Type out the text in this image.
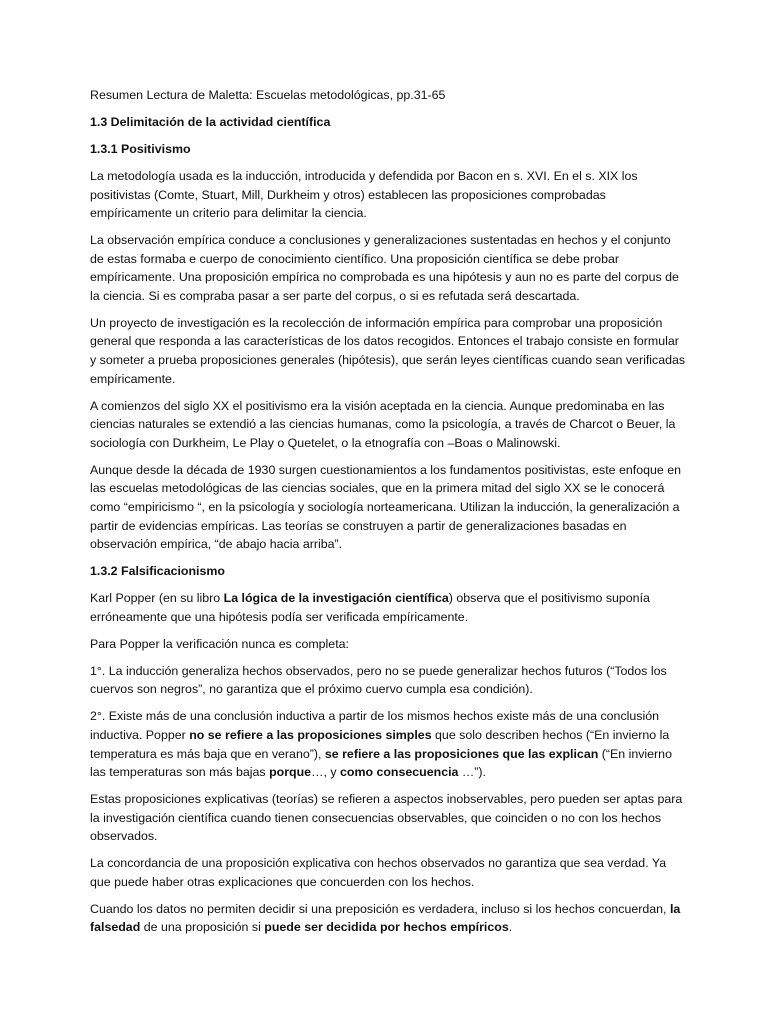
Resumen Lectura de Maletta: Escuelas metodológicas, pp.31-65

1.3 Delimitación de la actividad científica

1.3.1 Positivismo

La metodología usada es la inducción, introducida y defendida por Bacon en s. XVI. En el s. XIX los positivistas (Comte, Stuart, Mill, Durkheim y otros) establecen las proposiciones comprobadas empíricamente un criterio para delimitar la ciencia.

La observación empírica conduce a conclusiones y generalizaciones sustentadas en hechos y el conjunto de estas formaba e cuerpo de conocimiento científico. Una proposición científica se debe probar empíricamente. Una proposición empírica no comprobada es una hipótesis y aun no es parte del corpus de la ciencia. Si es compraba pasar a ser parte del corpus, o si es refutada será descartada.

Un proyecto de investigación es la recolección de información empírica para comprobar una proposición general que responda a las características de los datos recogidos. Entonces el trabajo consiste en formular y someter a prueba proposiciones generales (hipótesis), que serán leyes científicas cuando sean verificadas empíricamente.

A comienzos del siglo XX el positivismo era la visión aceptada en la ciencia. Aunque predominaba en las ciencias naturales se extendió a las ciencias humanas, como la psicología, a través de Charcot o Beuer, la sociología con Durkheim, Le Play o Quetelet, o la etnografía con –Boas o Malinowski.

Aunque desde la década de 1930 surgen cuestionamientos a los fundamentos positivistas, este enfoque en las escuelas metodológicas de las ciencias sociales, que en la primera mitad del siglo XX se le conocerá como “empiricismo “, en la psicología y sociología norteamericana. Utilizan la inducción, la generalización a partir de evidencias empíricas. Las teorías se construyen a partir de generalizaciones basadas en observación empírica, “de abajo hacia arriba”.

1.3.2 Falsificacionismo

Karl Popper (en su libro La lógica de la investigación científica) observa que el positivismo suponía erróneamente que una hipótesis podía ser verificada empíricamente.

Para Popper la verificación nunca es completa:

1°. La inducción generaliza hechos observados, pero no se puede generalizar hechos futuros (“Todos los cuervos son negros”, no garantiza que el próximo cuervo cumpla esa condición).

2°. Existe más de una conclusión inductiva a partir de los mismos hechos existe más de una conclusión inductiva. Popper no se refiere a las proposiciones simples que solo describen hechos (“En invierno la temperatura es más baja que en verano”), se refiere a las proposiciones que las explican (“En invierno las temperaturas son más bajas porque…, y como consecuencia …”).

Estas proposiciones explicativas (teorías) se refieren a aspectos inobservables, pero pueden ser aptas para la investigación científica cuando tienen consecuencias observables, que coinciden o no con los hechos observados.

La concordancia de una proposición explicativa con hechos observados no garantiza que sea verdad. Ya que puede haber otras explicaciones que concuerden con los hechos.

Cuando los datos no permiten decidir si una preposición es verdadera, incluso si los hechos concuerdan, la falsedad de una proposición si puede ser decidida por hechos empíricos.
